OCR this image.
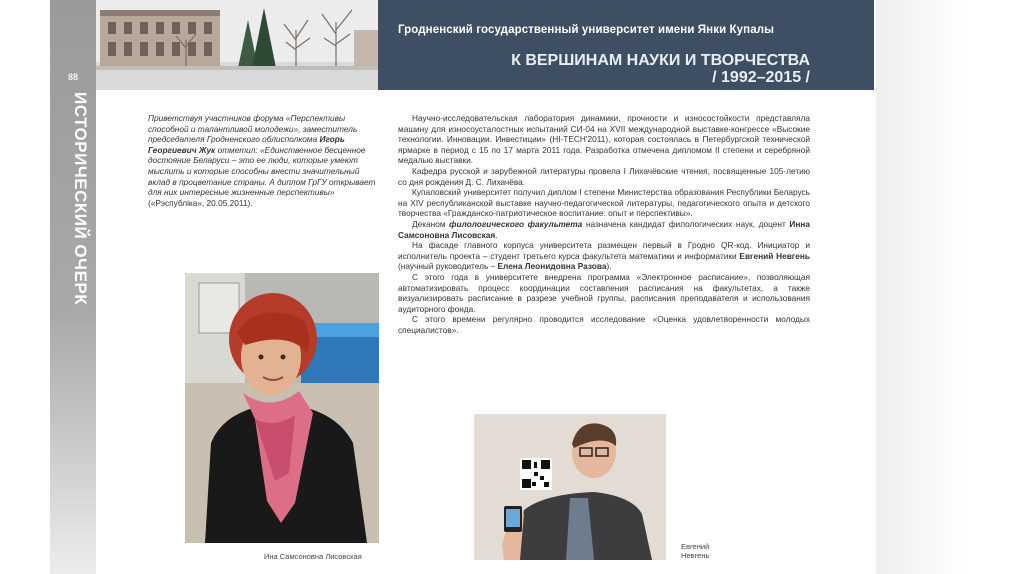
88
ИСТОРИЧЕСКИЙ ОЧЕРК
Гродненский государственный университет имени Янки Купалы
К ВЕРШИНАМ НАУКИ И ТВОРЧЕСТВА
/ 1992–2015 /
Приветствуя участников форума «Перспективы способной и талантливой молодежи», заместитель председателя Гродненского облисполкома Игорь Георгиевич Жук отметил: «Единственное бесценное достояние Беларуси – это ее люди, которые умеют мыслить и которые способны внести значительный вклад в процветание страны. А диплом ГрГУ открывает для них интересные жизненные перспективы» («Рэспубліка», 20.05.2011).

Научно-исследовательская лаборатория динамики, прочности и износостойкости представляла машину для износоусталостных испытаний СИ-04 на XVII международной выставке-конгрессе «Высокие технологии. Инновации. Инвестиции» (HI-TECH'2011), которая состоялась в Петербургской технической ярмарке в период с 15 по 17 марта 2011 года. Разработка отмечена дипломом II степени и серебряной медалью выставки.

Кафедра русской и зарубежной литературы провела I Лихачёвские чтения, посвященные 105-летию со дня рождения Д. С. Лихачёва.

Купаловский университет получил диплом I степени Министерства образования Республики Беларусь на XIV республиканской выставке научно-педагогической литературы, педагогического опыта и детского творчества «Гражданско-патриотическое воспитание: опыт и перспективы».

Деканом филологического факультета назначена кандидат филологических наук, доцент Инна Самсоновна Лисовская.

На фасаде главного корпуса университета размещен первый в Гродно QR-код. Инициатор и исполнитель проекта – студент третьего курса факультета математики и информатики Евгений Невгень (научный руководитель – Елена Леонидовна Разова).

С этого года в университете внедрена программа «Электронное расписание», позволяющая автоматизировать процесс координации составления расписания на факультетах, а также визуализировать расписание в разрезе учебной группы, расписания преподавателя и использования аудиторного фонда.

С этого времени регулярно проводится исследование «Оценка удовлетворенности молодых специалистов».

Ина Самсоновна Лисовская
Евгений
Невгень
